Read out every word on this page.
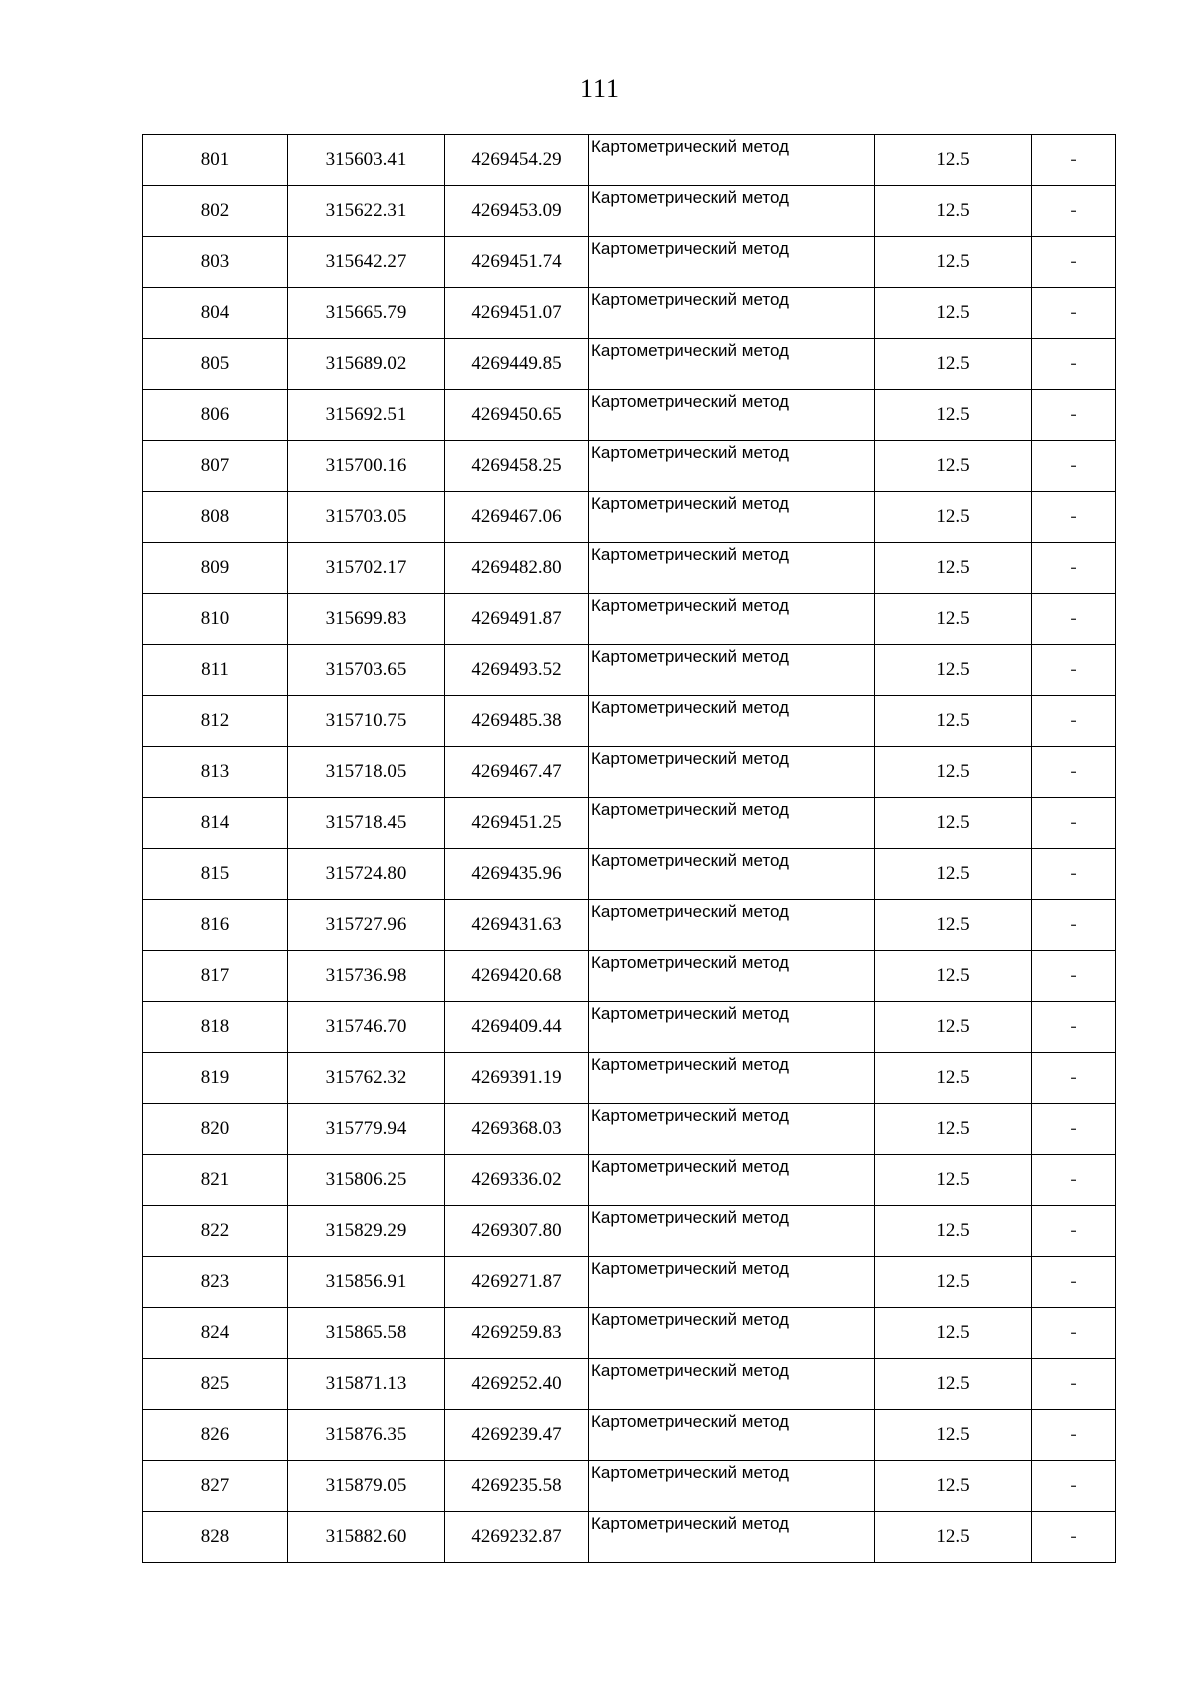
111
801	315603.41	4269454.29	Картометрический метод	12.5	-
802	315622.31	4269453.09	Картометрический метод	12.5	-
803	315642.27	4269451.74	Картометрический метод	12.5	-
804	315665.79	4269451.07	Картометрический метод	12.5	-
805	315689.02	4269449.85	Картометрический метод	12.5	-
806	315692.51	4269450.65	Картометрический метод	12.5	-
807	315700.16	4269458.25	Картометрический метод	12.5	-
808	315703.05	4269467.06	Картометрический метод	12.5	-
809	315702.17	4269482.80	Картометрический метод	12.5	-
810	315699.83	4269491.87	Картометрический метод	12.5	-
811	315703.65	4269493.52	Картометрический метод	12.5	-
812	315710.75	4269485.38	Картометрический метод	12.5	-
813	315718.05	4269467.47	Картометрический метод	12.5	-
814	315718.45	4269451.25	Картометрический метод	12.5	-
815	315724.80	4269435.96	Картометрический метод	12.5	-
816	315727.96	4269431.63	Картометрический метод	12.5	-
817	315736.98	4269420.68	Картометрический метод	12.5	-
818	315746.70	4269409.44	Картометрический метод	12.5	-
819	315762.32	4269391.19	Картометрический метод	12.5	-
820	315779.94	4269368.03	Картометрический метод	12.5	-
821	315806.25	4269336.02	Картометрический метод	12.5	-
822	315829.29	4269307.80	Картометрический метод	12.5	-
823	315856.91	4269271.87	Картометрический метод	12.5	-
824	315865.58	4269259.83	Картометрический метод	12.5	-
825	315871.13	4269252.40	Картометрический метод	12.5	-
826	315876.35	4269239.47	Картометрический метод	12.5	-
827	315879.05	4269235.58	Картометрический метод	12.5	-
828	315882.60	4269232.87	Картометрический метод	12.5	-
